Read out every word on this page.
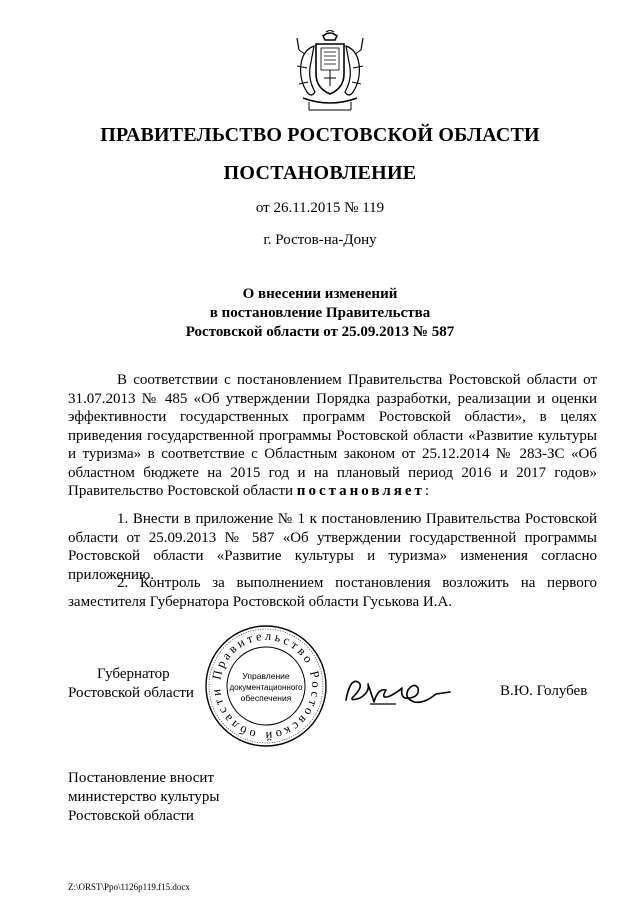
ПРАВИТЕЛЬСТВО РОСТОВСКОЙ ОБЛАСТИ
ПОСТАНОВЛЕНИЕ
от 26.11.2015 № 119
г. Ростов-на-Дону
О внесении изменений
в постановление Правительства
Ростовской области от 25.09.2013 № 587

В соответствии с постановлением Правительства Ростовской области от 31.07.2013 № 485 «Об утверждении Порядка разработки, реализации и оценки эффективности государственных программ Ростовской области», в целях приведения государственной программы Ростовской области «Развитие культуры и туризма» в соответствие с Областным законом от 25.12.2014 № 283-ЗС «Об областном бюджете на 2015 год и на плановый период 2016 и 2017 годов» Правительство Ростовской области постановляет:

1. Внести в приложение № 1 к постановлению Правительства Ростовской области от 25.09.2013 № 587 «Об утверждении государственной программы Ростовской области «Развитие культуры и туризма» изменения согласно приложению.

2. Контроль за выполнением постановления возложить на первого заместителя Губернатора Ростовской области Гуськова И.А.

Губернатор
Ростовской области
Правительство Ростовской области
Управление
документационного
обеспечения	В.Ю. Голубев
Постановление вносит
министерство культуры
Ростовской области
Z:\ORST\Ppo\1126p119.f15.docx
